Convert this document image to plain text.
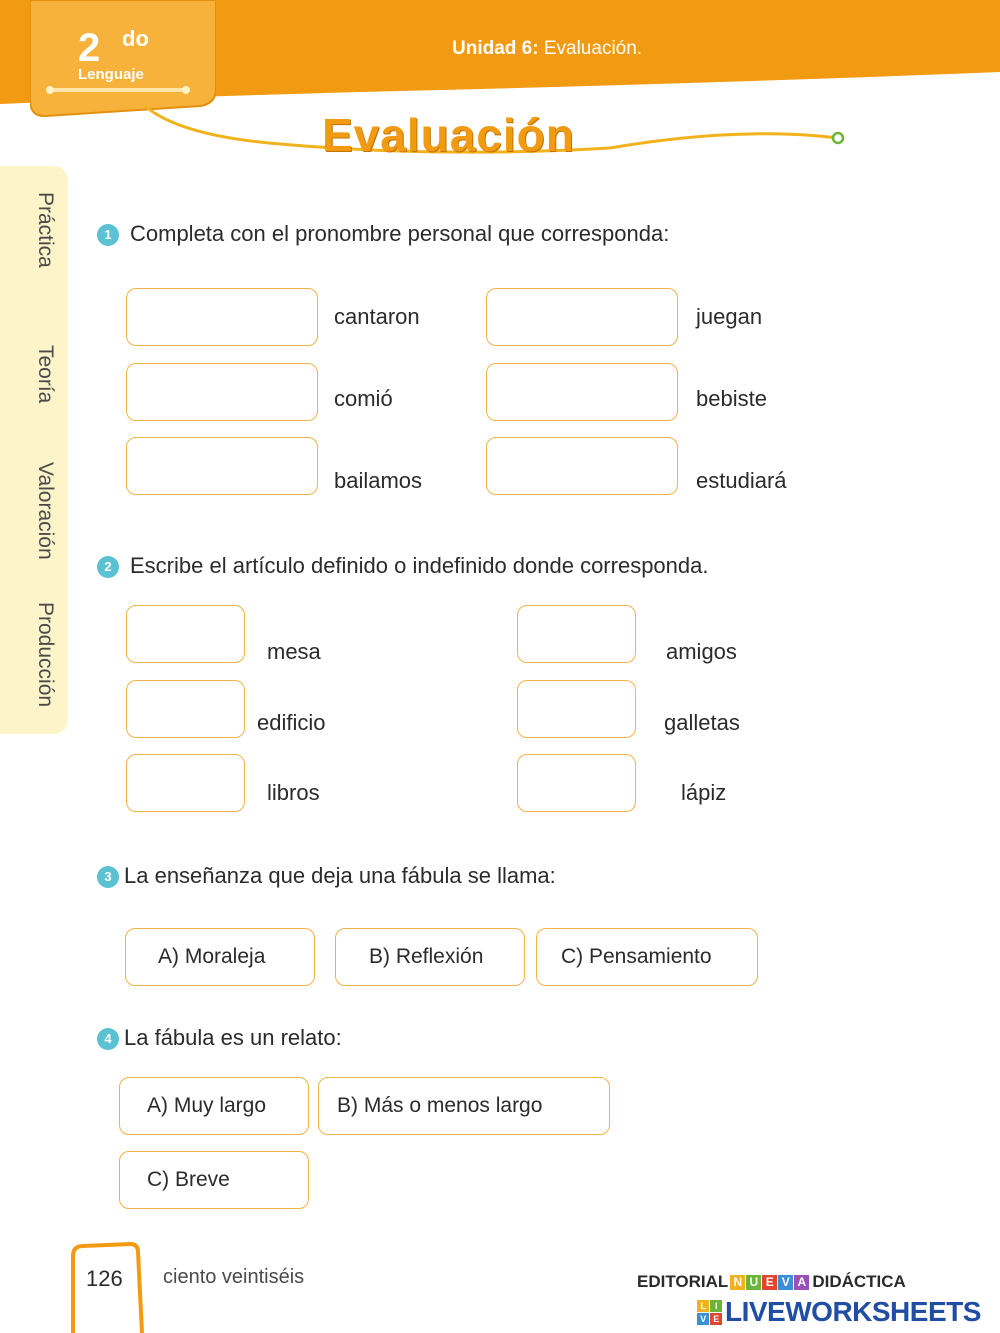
2 do
Lenguaje
Unidad 6: Evaluación.
Evaluación
Práctica
Teoría
Valoración
Producción
1 Completa con el pronombre personal que corresponda:
cantaron	juegan
comió	bebiste
bailamos	estudiará
2 Escribe el artículo definido o indefinido donde corresponda.
mesa	amigos
edificio	galletas
libros	lápiz
3 La enseñanza que deja una fábula se llama:
A) Moraleja	B) Reflexión	C) Pensamiento
4 La fábula es un relato:
A) Muy largo	B) Más o menos largo
C) Breve
126 ciento veintiséis	EDITORIAL N U E V A DIDÁCTICA
L	I
V E LIVEWORKSHEETS
